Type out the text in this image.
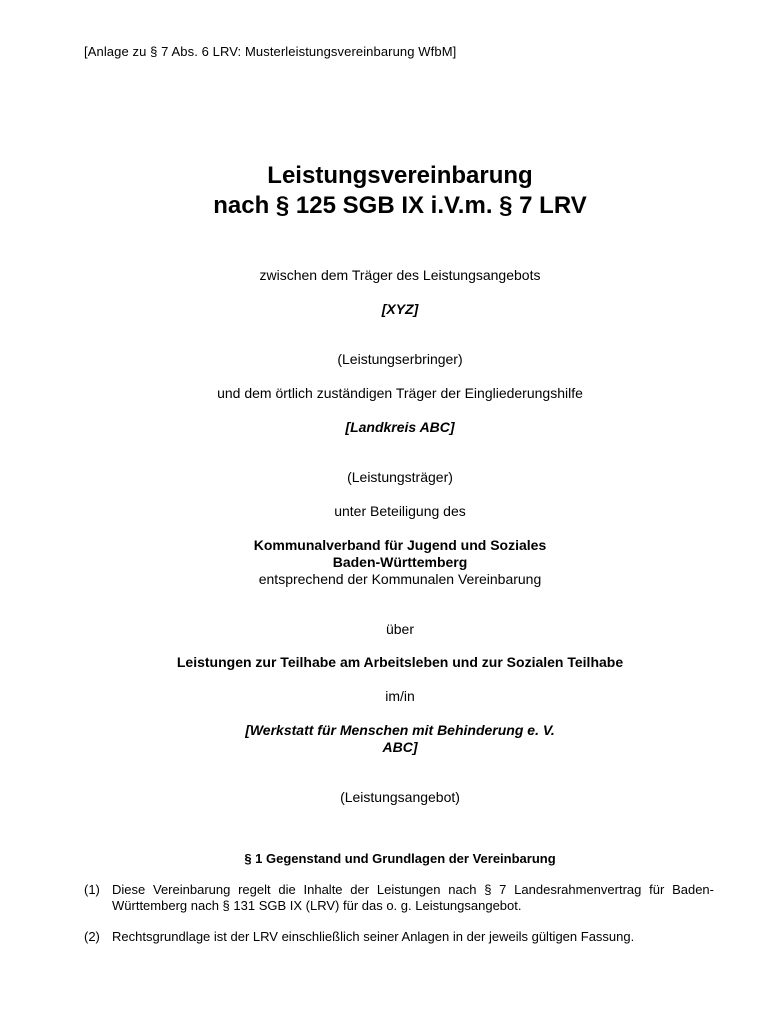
[Anlage zu § 7 Abs. 6 LRV: Musterleistungsvereinbarung WfbM]
Leistungsvereinbarung
nach § 125 SGB IX i.V.m. § 7 LRV
zwischen dem Träger des Leistungsangebots
[XYZ]
(Leistungserbringer)
und dem örtlich zuständigen Träger der Eingliederungshilfe
[Landkreis ABC]
(Leistungsträger)
unter Beteiligung des
Kommunalverband für Jugend und Soziales
Baden-Württemberg
entsprechend der Kommunalen Vereinbarung
über
Leistungen zur Teilhabe am Arbeitsleben und zur Sozialen Teilhabe
im/in
[Werkstatt für Menschen mit Behinderung e. V.
ABC]
(Leistungsangebot)
§ 1 Gegenstand und Grundlagen der Vereinbarung
(1) Diese Vereinbarung regelt die Inhalte der Leistungen nach § 7 Landesrahmenvertrag für Baden-Württemberg nach § 131 SGB IX (LRV) für das o. g. Leistungsangebot.
(2) Rechtsgrundlage ist der LRV einschließlich seiner Anlagen in der jeweils gültigen Fassung.
